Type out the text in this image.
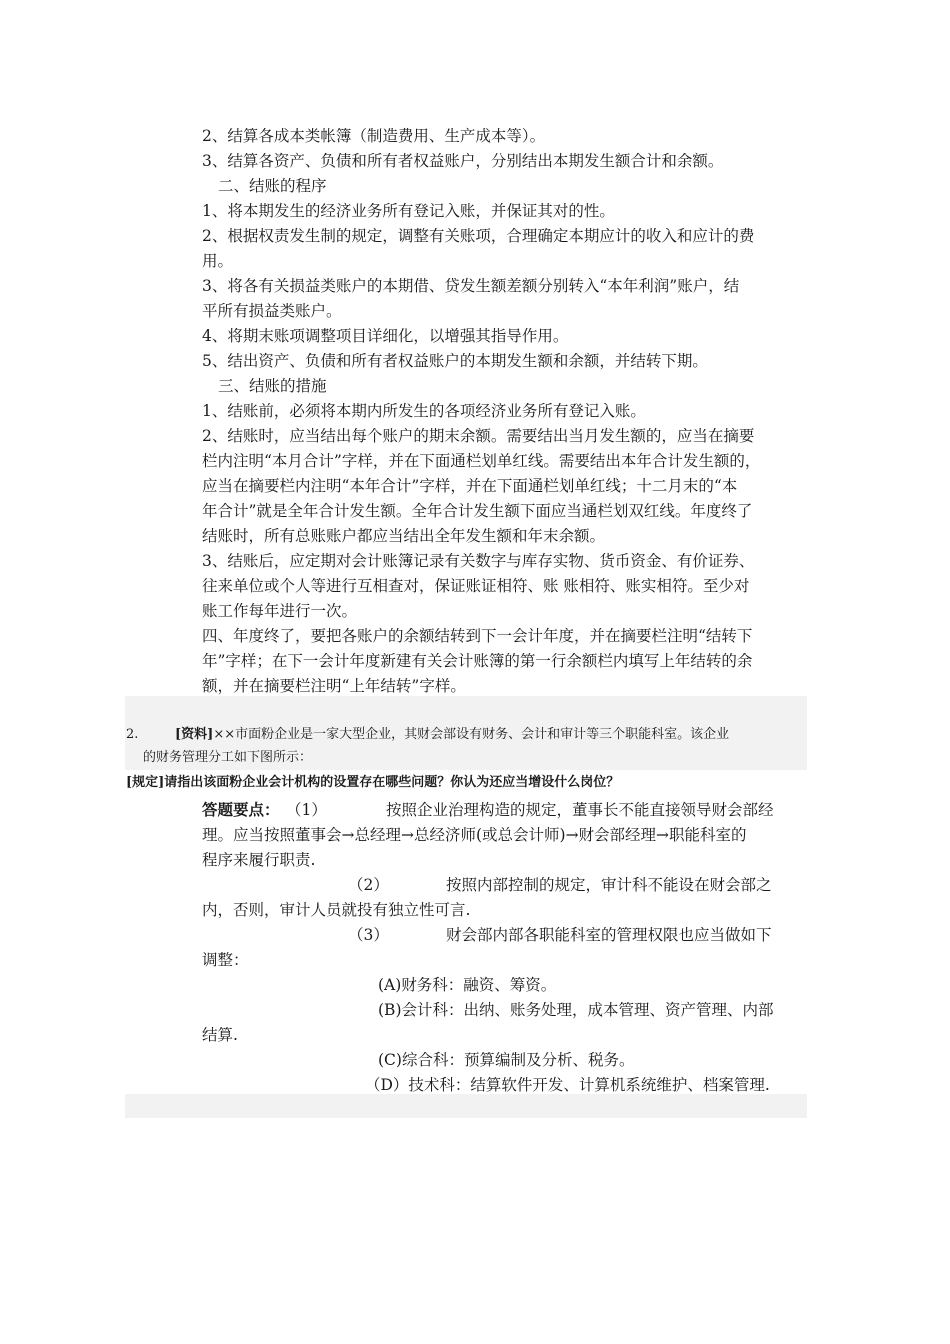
2、结算各成本类帐簿（制造费用、生产成本等）。
3、结算各资产、负债和所有者权益账户，分别结出本期发生额合计和余额。
二、结账的程序
1、将本期发生的经济业务所有登记入账，并保证其对的性。
2、根据权责发生制的规定，调整有关账项，合理确定本期应计的收入和应计的费
用。
3、将各有关损益类账户的本期借、贷发生额差额分别转入“本年利润”账户，结
平所有损益类账户。
4、将期末账项调整项目详细化，以增强其指导作用。
5、结出资产、负债和所有者权益账户的本期发生额和余额，并结转下期。
三、结账的措施
1、结账前，必须将本期内所发生的各项经济业务所有登记入账。
2、结账时，应当结出每个账户的期末余额。需要结出当月发生额的，应当在摘要
栏内注明“本月合计”字样，并在下面通栏划单红线。需要结出本年合计发生额的，
应当在摘要栏内注明“本年合计”字样，并在下面通栏划单红线；十二月末的“本
年合计”就是全年合计发生额。全年合计发生额下面应当通栏划双红线。年度终了
结账时，所有总账账户都应当结出全年发生额和年末余额。
3、结账后，应定期对会计账簿记录有关数字与库存实物、货币资金、有价证券、
往来单位或个人等进行互相查对，保证账证相符、账 账相符、账实相符。至少对
账工作每年进行一次。
四、年度终了，要把各账户的余额结转到下一会计年度，并在摘要栏注明“结转下
年”字样；在下一会计年度新建有关会计账簿的第一行余额栏内填写上年结转的余
额，并在摘要栏注明“上年结转”字样。
2.	[资料]××市面粉企业是一家大型企业，其财会部设有财务、会计和审计等三个职能科室。该企业
的财务管理分工如下图所示：
[规定]请指出该面粉企业会计机构的设置存在哪些问题？你认为还应当增设什么岗位？
答题要点： （1）	按照企业治理构造的规定，董事长不能直接领导财会部经
理。应当按照董事会→总经理→总经济师(或总会计师)→财会部经理→职能科室的
程序来履行职责.
（2）	按照内部控制的规定，审计科不能设在财会部之
内，否则，审计人员就投有独立性可言.
（3）	财会部内部各职能科室的管理权限也应当做如下
调整：
(A)财务科：融资、筹资。
(B)会计科：出纳、账务处理，成本管理、资产管理、内部
结算.
(C)综合科：预算编制及分析、税务。
（D）技术科：结算软件开发、计算机系统维护、档案管理.
